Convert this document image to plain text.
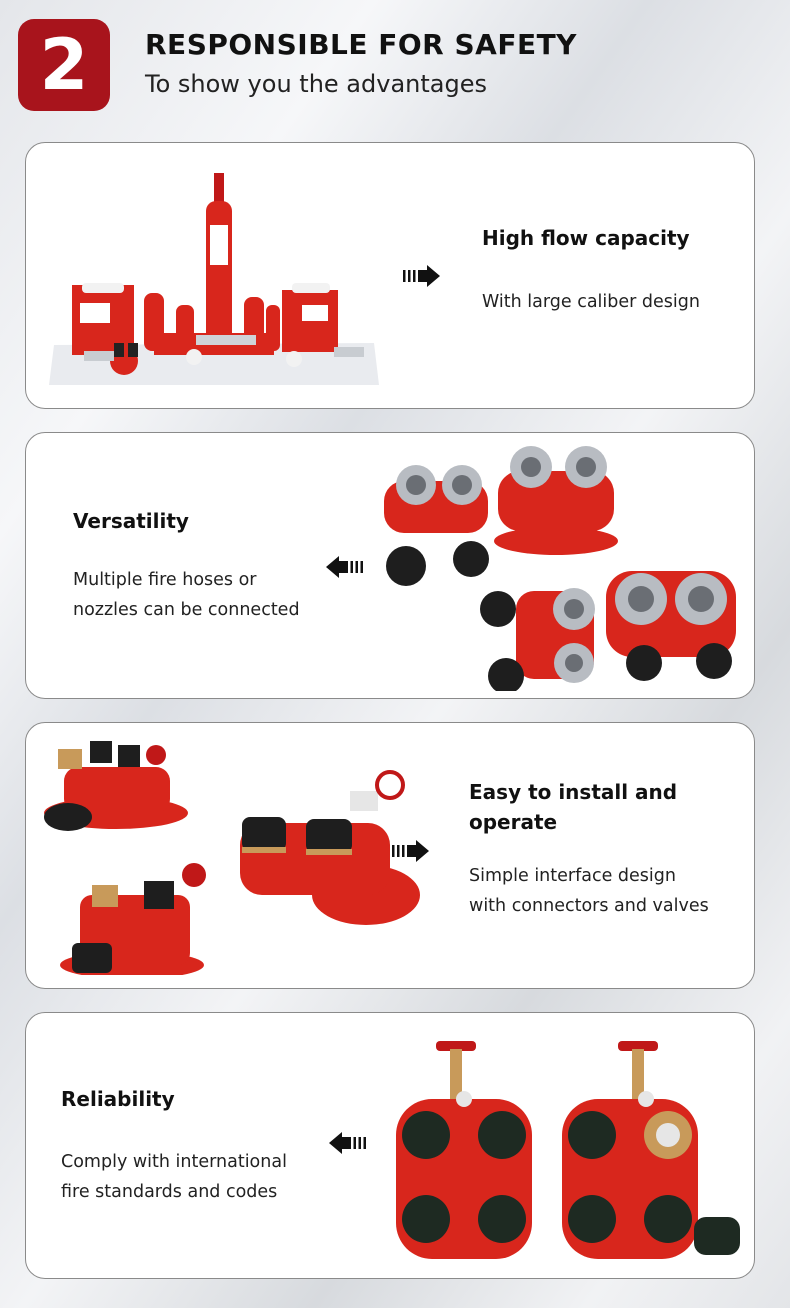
2	RESPONSIBLE FOR SAFETY
To show you the advantages
High flow capacity

With large caliber design

Versatility

Multiple fire hoses or

nozzles can be connected

Easy to install and
operate

Simple interface design

with connectors and valves

Reliability

Comply with international

fire standards and codes
